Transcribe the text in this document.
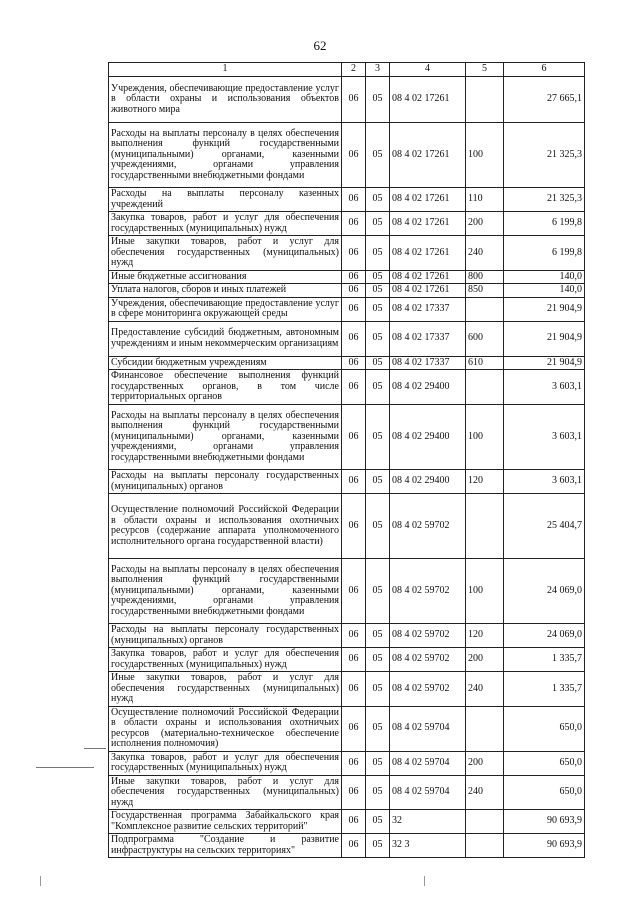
62
1	2	3	4	5	6
Учреждения, обеспечивающие предоставление услуг в области охраны и использования объектов животного мира	06	05	08 4 02 17261		27 665,1
Расходы на выплаты персоналу в целях обеспечения выполнения функций государственными (муниципальными) органами, казенными учреждениями, органами управления государственными внебюджетными фондами	06	05	08 4 02 17261	100	21 325,3
Расходы на выплаты персоналу казенных учреждений	06	05	08 4 02 17261	110	21 325,3
Закупка товаров, работ и услуг для обеспечения государственных (муниципальных) нужд	06	05	08 4 02 17261	200	6 199,8
Иные закупки товаров, работ и услуг для обеспечения государственных (муниципальных) нужд	06	05	08 4 02 17261	240	6 199,8
Иные бюджетные ассигнования	06	05	08 4 02 17261	800	140,0
Уплата налогов, сборов и иных платежей	06	05	08 4 02 17261	850	140,0
Учреждения, обеспечивающие предоставление услуг в сфере мониторинга окружающей среды	06	05	08 4 02 17337		21 904,9
Предоставление субсидий бюджетным, автономным учреждениям и иным некоммерческим организациям	06	05	08 4 02 17337	600	21 904,9
Субсидии бюджетным учреждениям	06	05	08 4 02 17337	610	21 904,9
Финансовое обеспечение выполнения функций государственных органов, в том числе территориальных органов	06	05	08 4 02 29400		3 603,1
Расходы на выплаты персоналу в целях обеспечения выполнения функций государственными (муниципальными) органами, казенными учреждениями, органами управления государственными внебюджетными фондами	06	05	08 4 02 29400	100	3 603,1
Расходы на выплаты персоналу государственных (муниципальных) органов	06	05	08 4 02 29400	120	3 603,1
Осуществление полномочий Российской Федерации в области охраны и использования охотничьих ресурсов (содержание аппарата уполномоченного исполнительного органа государственной власти)	06	05	08 4 02 59702		25 404,7
Расходы на выплаты персоналу в целях обеспечения выполнения функций государственными (муниципальными) органами, казенными учреждениями, органами управления государственными внебюджетными фондами	06	05	08 4 02 59702	100	24 069,0
Расходы на выплаты персоналу государственных (муниципальных) органов	06	05	08 4 02 59702	120	24 069,0
Закупка товаров, работ и услуг для обеспечения государственных (муниципальных) нужд	06	05	08 4 02 59702	200	1 335,7
Иные закупки товаров, работ и услуг для обеспечения государственных (муниципальных) нужд	06	05	08 4 02 59702	240	1 335,7
Осуществление полномочий Российской Федерации в области охраны и использования охотничьих ресурсов (материально-техническое обеспечение исполнения полномочия)	06	05	08 4 02 59704		650,0
Закупка товаров, работ и услуг для обеспечения государственных (муниципальных) нужд	06	05	08 4 02 59704	200	650,0
Иные закупки товаров, работ и услуг для обеспечения государственных (муниципальных) нужд	06	05	08 4 02 59704	240	650,0
Государственная программа Забайкальского края "Комплексное развитие сельских территорий"	06	05	32		90 693,9
Подпрограмма "Создание и развитие инфраструктуры на сельских территориях"	06	05	32 3		90 693,9
